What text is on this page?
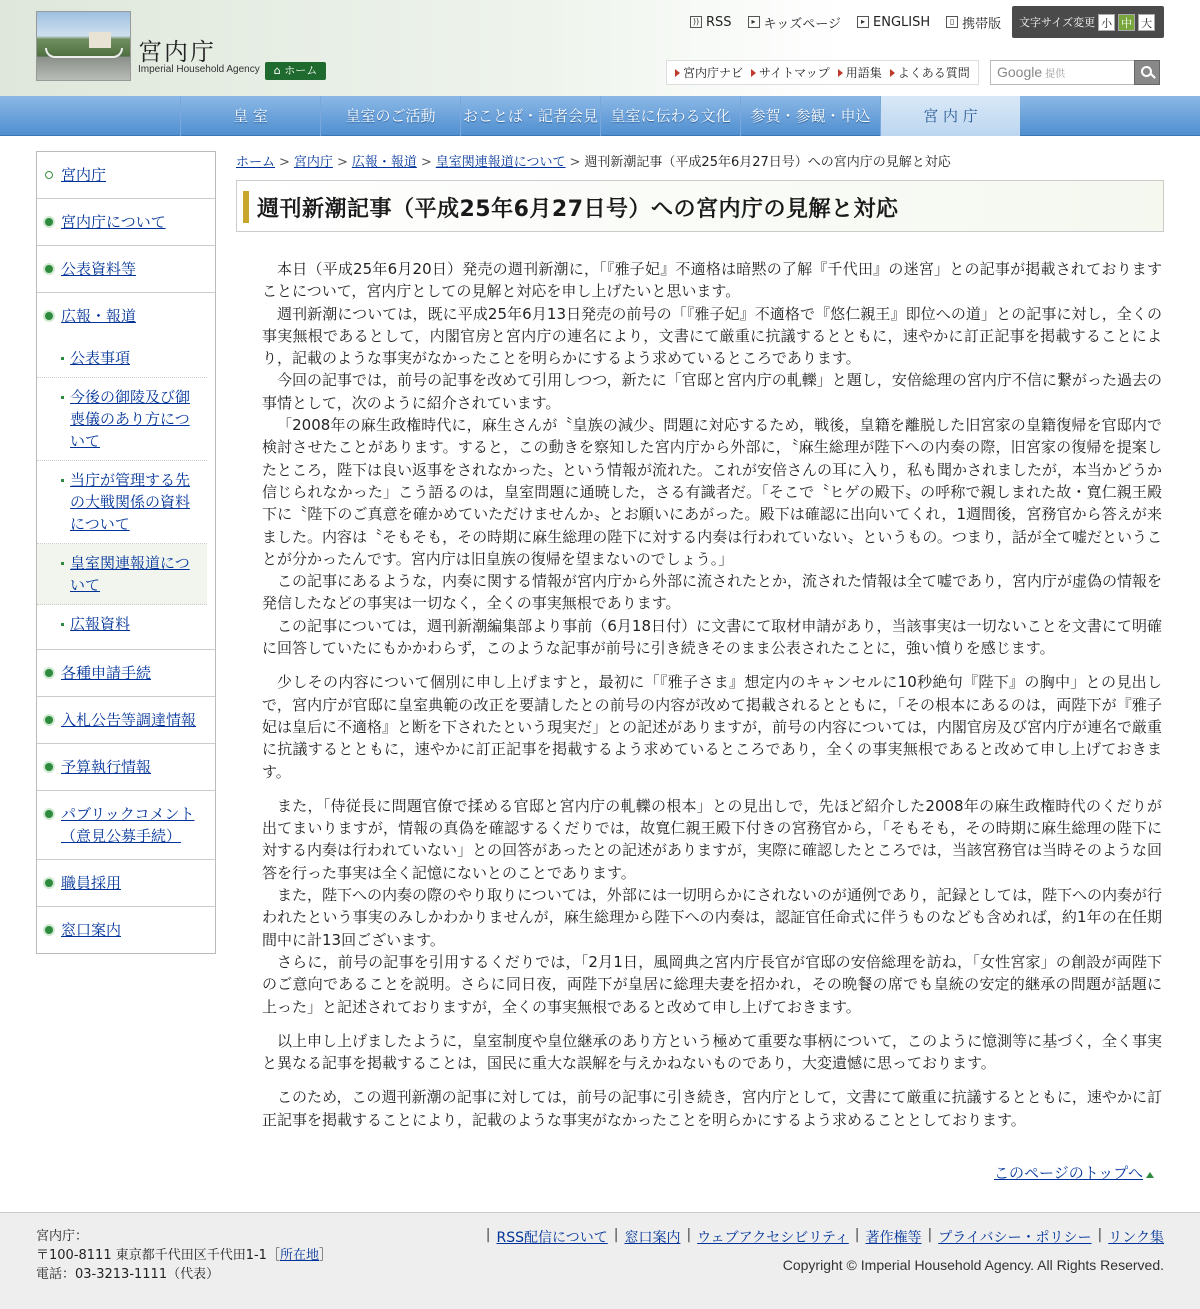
宮内庁
Imperial Household Agency	⌂ ホーム
)) RSS	▸ キッズページ	▸ ENGLISH	▯ 携帯版 文字サイズ変更 小 中 大
宮内庁ナビ サイトマップ 用語集 よくある質問	Google 提供
皇 室	皇室のご活動	おことば・記者会見 皇室に伝わる文化	参賀・参観・申込	宮 内 庁
宮内庁
宮内庁について
公表資料等
広報・報道
公表事項
今後の御陵及び御喪儀のあり方について
当庁が管理する先の大戦関係の資料について
皇室関連報道について
広報資料
各種申請手続
入札公告等調達情報
予算執行情報
パブリックコメント（意見公募手続）
職員採用
窓口案内
ホーム > 宮内庁 > 広報・報道 > 皇室関連報道について > 週刊新潮記事（平成25年6月27日号）への宮内庁の見解と対応
週刊新潮記事（平成25年6月27日号）への宮内庁の見解と対応

本日（平成25年6月20日）発売の週刊新潮に，「『雅子妃』不適格は暗黙の了解『千代田』の迷宮」との記事が掲載されておりますことについて，宮内庁としての見解と対応を申し上げたいと思います。

週刊新潮については，既に平成25年6月13日発売の前号の「『雅子妃』不適格で『悠仁親王』即位への道」との記事に対し，全くの事実無根であるとして，内閣官房と宮内庁の連名により，文書にて厳重に抗議するとともに，速やかに訂正記事を掲載することにより，記載のような事実がなかったことを明らかにするよう求めているところであります。

今回の記事では，前号の記事を改めて引用しつつ，新たに「官邸と宮内庁の軋轢」と題し，安倍総理の宮内庁不信に繋がった過去の事情として，次のように紹介されています。

「2008年の麻生政権時代に，麻生さんが〝皇族の減少〟問題に対応するため，戦後，皇籍を離脱した旧宮家の皇籍復帰を官邸内で検討させたことがあります。すると，この動きを察知した宮内庁から外部に，〝麻生総理が陛下への内奏の際，旧宮家の復帰を提案したところ，陛下は良い返事をされなかった〟という情報が流れた。これが安倍さんの耳に入り，私も聞かされましたが，本当かどうか信じられなかった」こう語るのは，皇室問題に通暁した，さる有識者だ。「そこで〝ヒゲの殿下〟の呼称で親しまれた故・寬仁親王殿下に〝陛下のご真意を確かめていただけませんか〟とお願いにあがった。殿下は確認に出向いてくれ，1週間後，宮務官から答えが来ました。内容は〝そもそも，その時期に麻生総理の陛下に対する内奏は行われていない〟というもの。つまり，話が全て嘘だということが分かったんです。宮内庁は旧皇族の復帰を望まないのでしょう。」

この記事にあるような，内奏に関する情報が宮内庁から外部に流されたとか，流された情報は全て嘘であり，宮内庁が虚偽の情報を発信したなどの事実は一切なく，全くの事実無根であります。

この記事については，週刊新潮編集部より事前（6月18日付）に文書にて取材申請があり，当該事実は一切ないことを文書にて明確に回答していたにもかかわらず，このような記事が前号に引き続きそのまま公表されたことに，強い憤りを感じます。

少しその内容について個別に申し上げますと，最初に「『雅子さま』想定内のキャンセルに10秒絶句『陛下』の胸中」との見出しで，宮内庁が官邸に皇室典範の改正を要請したとの前号の内容が改めて掲載されるとともに，「その根本にあるのは，両陛下が『雅子妃は皇后に不適格』と断を下されたという現実だ」との記述がありますが，前号の内容については，内閣官房及び宮内庁が連名で厳重に抗議するとともに，速やかに訂正記事を掲載するよう求めているところであり，全くの事実無根であると改めて申し上げておきます。

また，「侍従長に問題官僚で揉める官邸と宮内庁の軋轢の根本」との見出しで，先ほど紹介した2008年の麻生政権時代のくだりが出てまいりますが，情報の真偽を確認するくだりでは，故寬仁親王殿下付きの宮務官から，「そもそも，その時期に麻生総理の陛下に対する内奏は行われていない」との回答があったとの記述がありますが，実際に確認したところでは，当該宮務官は当時そのような回答を行った事実は全く記憶にないとのことであります。

また，陛下への内奏の際のやり取りについては，外部には一切明らかにされないのが通例であり，記録としては，陛下への内奏が行われたという事実のみしかわかりませんが，麻生総理から陛下への内奏は，認証官任命式に伴うものなども含めれば，約1年の在任期間中に計13回ございます。

さらに，前号の記事を引用するくだりでは，「2月1日，風岡典之宮内庁長官が官邸の安倍総理を訪ね，「女性宮家」の創設が両陛下のご意向であることを説明。さらに同日夜，両陛下が皇居に総理夫妻を招かれ，その晩餐の席でも皇統の安定的継承の問題が話題に上った」と記述されておりますが，全くの事実無根であると改めて申し上げておきます。

以上申し上げましたように，皇室制度や皇位継承のあり方という極めて重要な事柄について，このように憶測等に基づく，全く事実と異なる記事を掲載することは，国民に重大な誤解を与えかねないものであり，大変遺憾に思っております。

このため，この週刊新潮の記事に対しては，前号の記事に引き続き，宮内庁として，文書にて厳重に抗議するとともに，速やかに訂正記事を掲載することにより，記載のような事実がなかったことを明らかにするよう求めることとしております。

このページのトップへ
宮内庁：
〒100-8111 東京都千代田区千代田1-1［所在地］
電話：03-3213-1111（代表）
| RSS配信について | 窓口案内 | ウェブアクセシビリティ | 著作権等 | プライバシー・ポリシー | リンク集
Copyright © Imperial Household Agency. All Rights Reserved.
